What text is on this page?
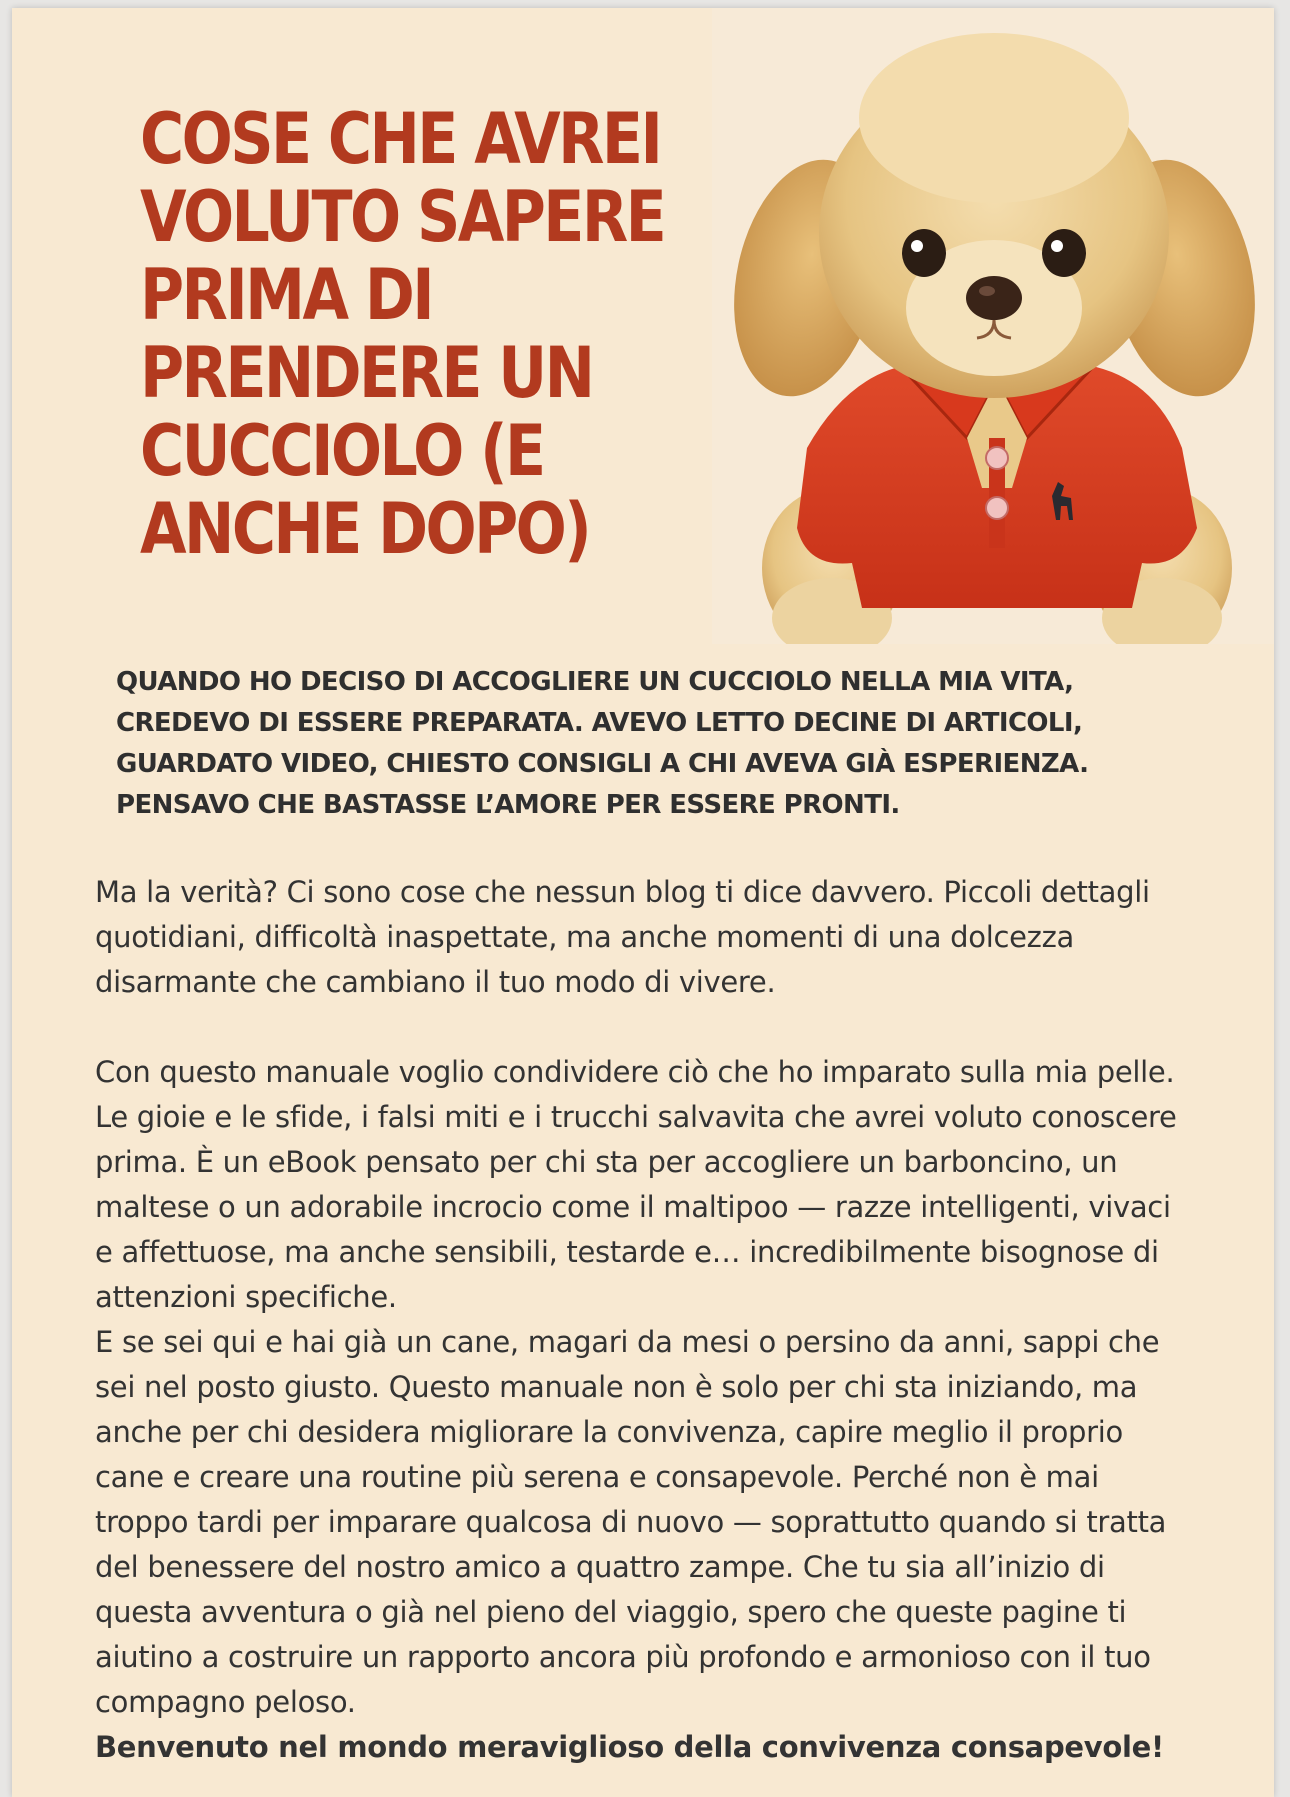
COSE CHE AVREI VOLUTO SAPERE PRIMA DI PRENDERE UN CUCCIOLO (E ANCHE DOPO)

QUANDO HO DECISO DI ACCOGLIERE UN CUCCIOLO NELLA MIA VITA, CREDEVO DI ESSERE PREPARATA. AVEVO LETTO DECINE DI ARTICOLI, GUARDATO VIDEO, CHIESTO CONSIGLI A CHI AVEVA GIÀ ESPERIENZA. PENSAVO CHE BASTASSE L’AMORE PER ESSERE PRONTI.

Ma la verità? Ci sono cose che nessun blog ti dice davvero. Piccoli dettagli quotidiani, difficoltà inaspettate, ma anche momenti di una dolcezza disarmante che cambiano il tuo modo di vivere.

Con questo manuale voglio condividere ciò che ho imparato sulla mia pelle. Le gioie e le sfide, i falsi miti e i trucchi salvavita che avrei voluto conoscere prima. È un eBook pensato per chi sta per accogliere un barboncino, un maltese o un adorabile incrocio come il maltipoo — razze intelligenti, vivaci e affettuose, ma anche sensibili, testarde e… incredibilmente bisognose di attenzioni specifiche.

E se sei qui e hai già un cane, magari da mesi o persino da anni, sappi che sei nel posto giusto. Questo manuale non è solo per chi sta iniziando, ma anche per chi desidera migliorare la convivenza, capire meglio il proprio cane e creare una routine più serena e consapevole. Perché non è mai troppo tardi per imparare qualcosa di nuovo — soprattutto quando si tratta del benessere del nostro amico a quattro zampe. Che tu sia all’inizio di questa avventura o già nel pieno del viaggio, spero che queste pagine ti aiutino a costruire un rapporto ancora più profondo e armonioso con il tuo compagno peloso.

Benvenuto nel mondo meraviglioso della convivenza consapevole!
